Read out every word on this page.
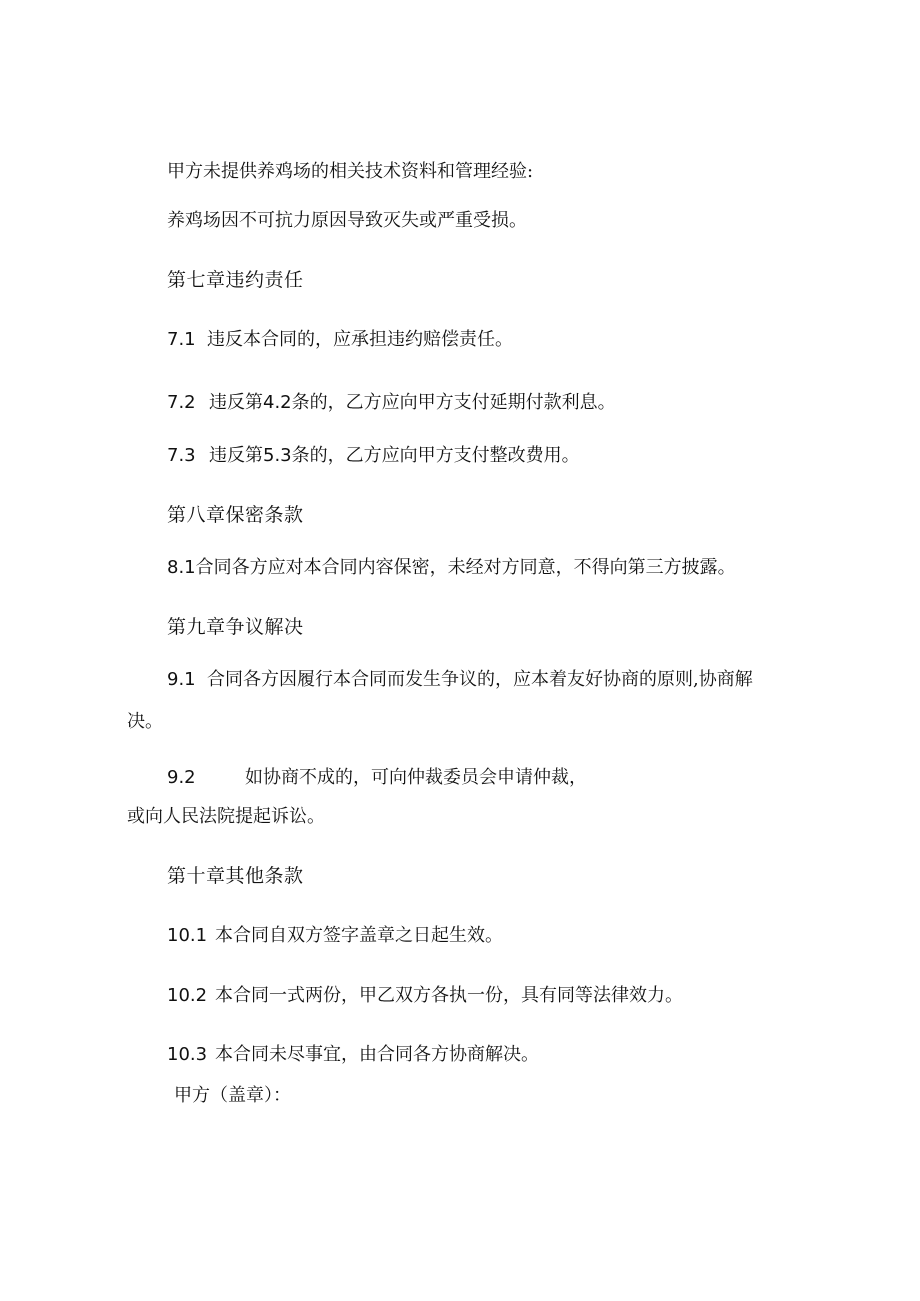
甲方未提供养鸡场的相关技术资料和管理经验:
养鸡场因不可抗力原因导致灭失或严重受损。
第七章违约责任
7.1 违反本合同的，应承担违约赔偿责任。
7.2 违反第4.2条的，乙方应向甲方支付延期付款利息。
7.3 违反第5.3条的，乙方应向甲方支付整改费用。
第八章保密条款
8.1合同各方应对本合同内容保密，未经对方同意，不得向第三方披露。
第九章争议解决
9.1 合同各方因履行本合同而发生争议的，应本着友好协商的原则,协商解
决。
9.2	如协商不成的，可向仲裁委员会申请仲裁，
或向人民法院提起诉讼。
第十章其他条款
10.1 本合同自双方签字盖章之日起生效。
10.2 本合同一式两份，甲乙双方各执一份，具有同等法律效力。
10.3 本合同未尽事宜，由合同各方协商解决。
甲方（盖章）：
